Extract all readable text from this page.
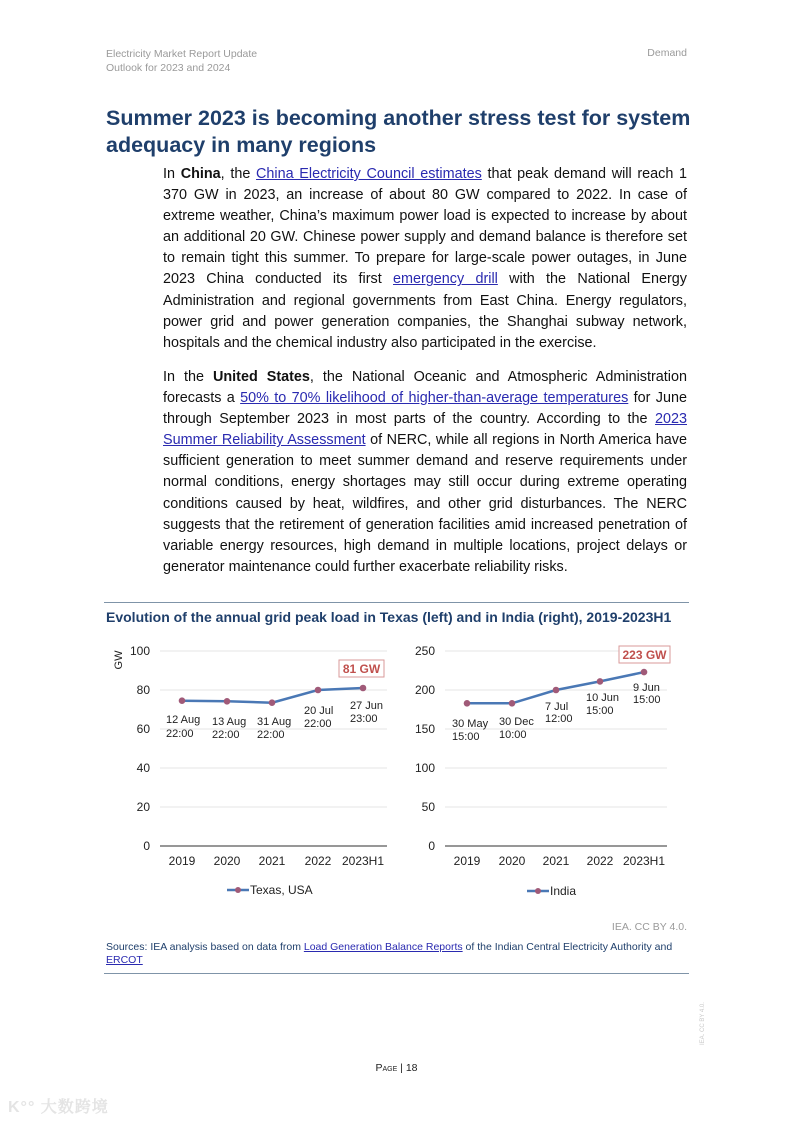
Electricity Market Report Update
Outlook for 2023 and 2024
Demand
Summer 2023 is becoming another stress test for system adequacy in many regions

In China, the China Electricity Council estimates that peak demand will reach 1 370 GW in 2023, an increase of about 80 GW compared to 2022. In case of extreme weather, China’s maximum power load is expected to increase by about an additional 20 GW. Chinese power supply and demand balance is therefore set to remain tight this summer. To prepare for large-scale power outages, in June 2023 China conducted its first emergency drill with the National Energy Administration and regional governments from East China. Energy regulators, power grid and power generation companies, the Shanghai subway network, hospitals and the chemical industry also participated in the exercise.

In the United States, the National Oceanic and Atmospheric Administration forecasts a 50% to 70% likelihood of higher-than-average temperatures for June through September 2023 in most parts of the country. According to the 2023 Summer Reliability Assessment of NERC, while all regions in North America have sufficient generation to meet summer demand and reserve requirements under normal conditions, energy shortages may still occur during extreme operating conditions caused by heat, wildfires, and other grid disturbances. The NERC suggests that the retirement of generation facilities amid increased penetration of variable energy resources, high demand in multiple locations, project delays or generator maintenance could further exacerbate reliability risks.

Evolution of the annual grid peak load in Texas (left) and in India (right), 2019-2023H1
GW 100
80
60
40
20
0
12 Aug
22:00
13 Aug
22:00
31 Aug
22:00
20 Jul
22:00
27 Jun
23:00
81 GW
2019 2020 2021 2022 2023H1
Texas, USA
250
200
150
100
50
0
30 May
15:00
30 Dec
10:00
7 Jul
12:00
10 Jun
15:00
9 Jun
15:00
223 GW
2019 2020 2021 2022 2023H1
India
IEA. CC BY 4.0.
Sources: IEA analysis based on data from Load Generation Balance Reports of the Indian Central Electricity Authority and ERCOT
Page | 18
IEA. CC BY 4.0.
K°° 大数跨境
